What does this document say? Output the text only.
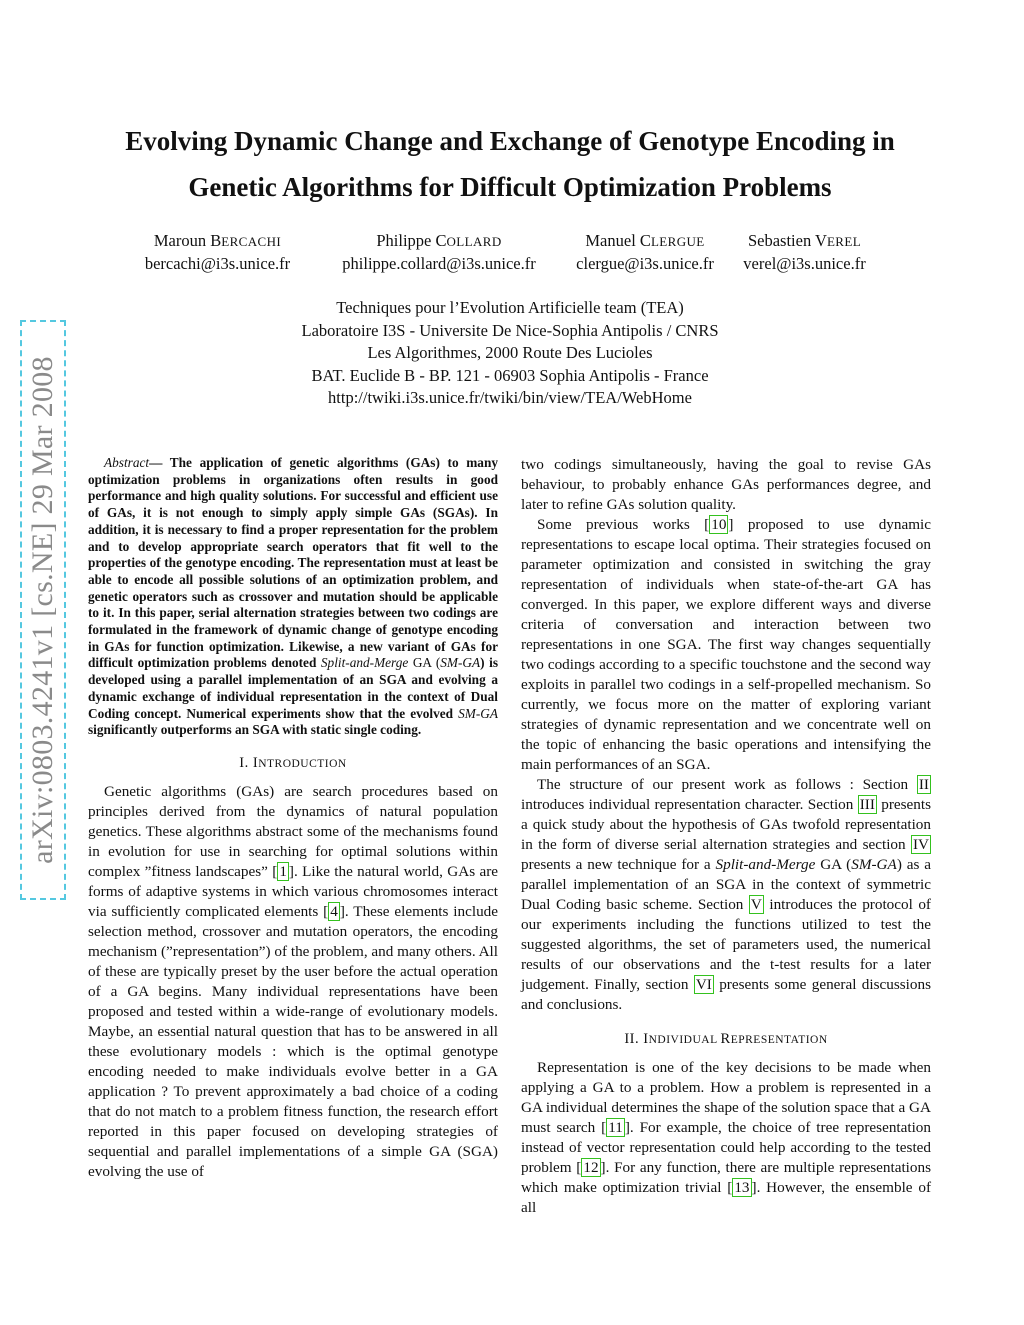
arXiv:0803.4241v1 [cs.NE] 29 Mar 2008
Evolving Dynamic Change and Exchange of Genotype Encoding in
Genetic Algorithms for Difficult Optimization Problems
Maroun BERCACHI
bercachi@i3s.unice.fr
Philippe COLLARD
philippe.collard@i3s.unice.fr
Manuel CLERGUE
clergue@i3s.unice.fr
Sebastien VEREL
verel@i3s.unice.fr
Techniques pour l’Evolution Artificielle team (TEA)
Laboratoire I3S - Universite De Nice-Sophia Antipolis / CNRS
Les Algorithmes, 2000 Route Des Lucioles
BAT. Euclide B - BP. 121 - 06903 Sophia Antipolis - France
http://twiki.i3s.unice.fr/twiki/bin/view/TEA/WebHome

Abstract— The application of genetic algorithms (GAs) to many optimization problems in organizations often results in good performance and high quality solutions. For successful and efficient use of GAs, it is not enough to simply apply simple GAs (SGAs). In addition, it is necessary to find a proper representation for the problem and to develop appropriate search operators that fit well to the properties of the genotype encoding. The representation must at least be able to encode all possible solutions of an optimization problem, and genetic operators such as crossover and mutation should be applicable to it. In this paper, serial alternation strategies between two codings are formulated in the framework of dynamic change of genotype encoding in GAs for function optimization. Likewise, a new variant of GAs for difficult optimization problems denoted Split-and-Merge GA (SM-GA) is developed using a parallel implementation of an SGA and evolving a dynamic exchange of individual representation in the context of Dual Coding concept. Numerical experiments show that the evolved SM-GA significantly outperforms an SGA with static single coding.

I. INTRODUCTION

Genetic algorithms (GAs) are search procedures based on principles derived from the dynamics of natural population genetics. These algorithms abstract some of the mechanisms found in evolution for use in searching for optimal solutions within complex ”fitness landscapes” [ 1 ]. Like the natural world, GAs are forms of adaptive systems in which various chromosomes interact via sufficiently complicated elements [ 4 ]. These elements include selection method, crossover and mutation operators, the encoding mechanism (”representation”) of the problem, and many others. All of these are typically preset by the user before the actual operation of a GA begins. Many individual representations have been proposed and tested within a wide-range of evolutionary models. Maybe, an essential natural question that has to be answered in all these evolutionary models : which is the optimal genotype encoding needed to make individuals evolve better in a GA application ? To prevent approximately a bad choice of a coding that do not match to a problem fitness function, the research effort reported in this paper focused on developing strategies of sequential and parallel implementations of a simple GA (SGA) evolving the use of

two codings simultaneously, having the goal to revise GAs behaviour, to probably enhance GAs performances degree, and later to refine GAs solution quality.

Some previous works [ 10 ] proposed to use dynamic representations to escape local optima. Their strategies focused on parameter optimization and consisted in switching the gray representation of individuals when state-of-the-art GA has converged. In this paper, we explore different ways and diverse criteria of conversation and interaction between two representations in one SGA. The first way changes sequentially two codings according to a specific touchstone and the second way exploits in parallel two codings in a self-propelled mechanism. So currently, we focus more on the matter of exploring variant strategies of dynamic representation and we concentrate well on the topic of enhancing the basic operations and intensifying the main performances of an SGA.

The structure of our present work as follows : Section II introduces individual representation character. Section III presents a quick study about the hypothesis of GAs twofold representation in the form of diverse serial alternation strategies and section IV presents a new technique for a Split-and-Merge GA (SM-GA) as a parallel implementation of an SGA in the context of symmetric Dual Coding basic scheme. Section V introduces the protocol of our experiments including the functions utilized to test the suggested algorithms, the set of parameters used, the numerical results of our observations and the t-test results for a later judgement. Finally, section VI presents some general discussions and conclusions.

II. INDIVIDUAL REPRESENTATION

Representation is one of the key decisions to be made when applying a GA to a problem. How a problem is represented in a GA individual determines the shape of the solution space that a GA must search [ 11 ]. For example, the choice of tree representation instead of vector representation could help according to the tested problem [ 12 ]. For any function, there are multiple representations which make optimization trivial [ 13 ]. However, the ensemble of all
